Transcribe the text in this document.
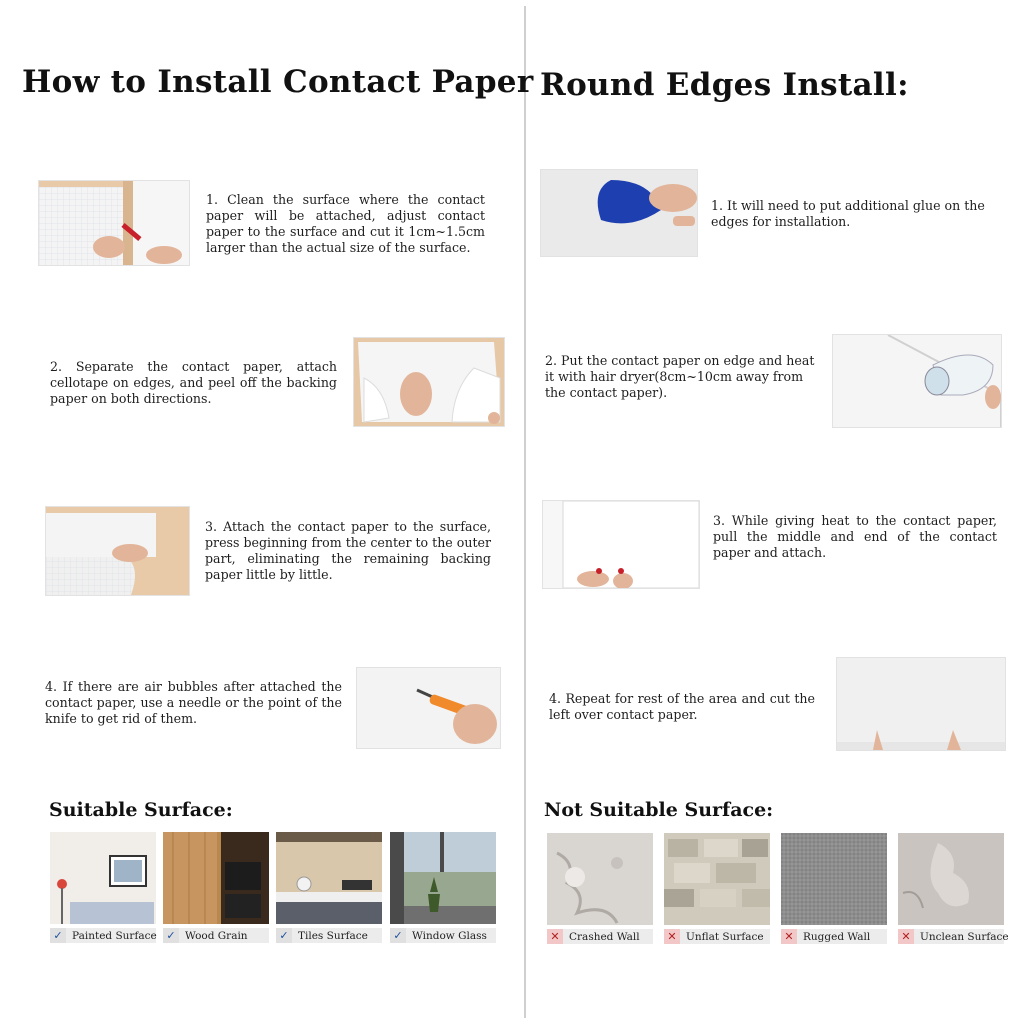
How to Install Contact Paper

1. Clean the surface where the contact paper will be attached, adjust contact paper to the surface and cut it 1cm~1.5cm larger than the actual size of the surface.

2. Separate the contact paper, attach cellotape on edges, and peel off the backing paper on both directions.

3. Attach the contact paper to the surface, press beginning from the center to the outer part, eliminating the remaining backing paper little by little.

4. If there are air bubbles after attached the contact paper, use a needle or the point of the knife to get rid of them.

Suitable Surface:
✓ Painted Surface ✓ Wood Grain	✓ Tiles Surface	✓ Window Glass
Round Edges Install:

1. It will need to put additional glue on the edges for installation.

2. Put the contact paper on edge and heat it with hair dryer(8cm~10cm away from the contact paper).

3. While giving heat to the contact paper, pull the middle and end of the contact paper and attach.

4. Repeat for rest of the area and cut the left over contact paper.

Not Suitable Surface:
✕ Crashed Wall	✕ Unflat Surface	✕ Rugged Wall	✕ Unclean Surface
